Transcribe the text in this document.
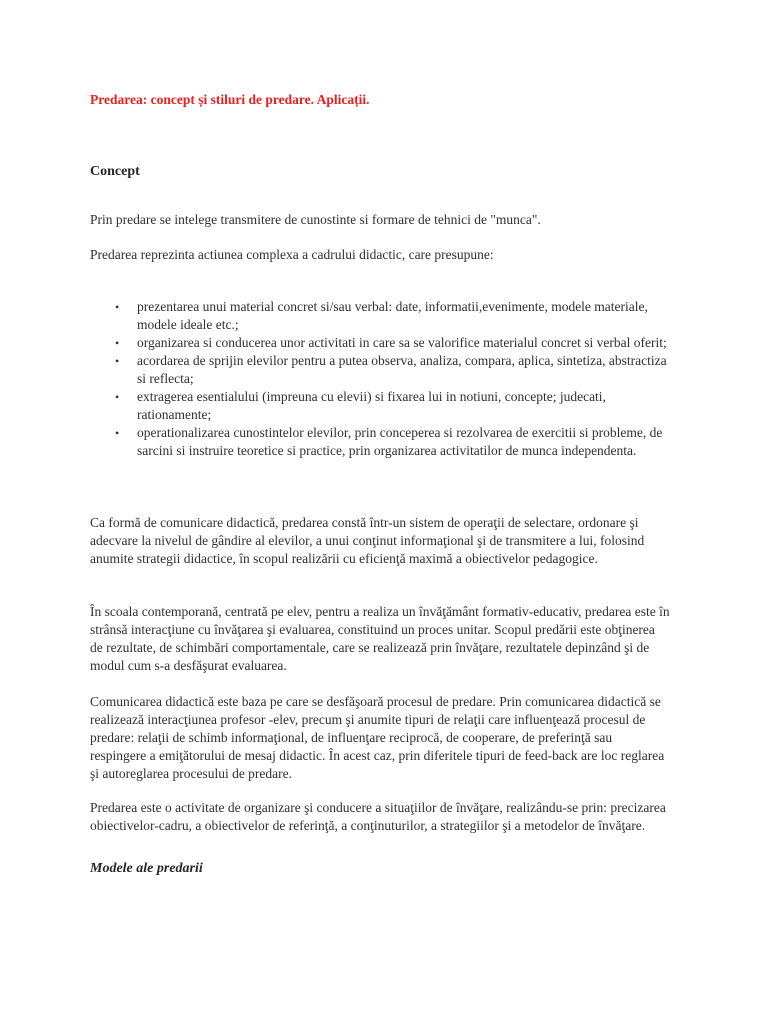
Predarea: concept și stiluri de predare. Aplicații.
Concept

Prin predare se intelege transmitere de cunostinte si formare de tehnici de "munca".

Predarea reprezinta actiunea complexa a cadrului didactic, care presupune:

• prezentarea unui material concret si/sau verbal: date, informatii,evenimente, modele materiale, modele ideale etc.;
• organizarea si conducerea unor activitati in care sa se valorifice materialul concret si verbal oferit;
• acordarea de sprijin elevilor pentru a putea observa, analiza, compara, aplica, sintetiza, abstractiza si reflecta;
• extragerea esentialului (impreuna cu elevii) si fixarea lui in notiuni, concepte; judecati, rationamente;
• operationalizarea cunostintelor elevilor, prin conceperea si rezolvarea de exercitii si probleme, de sarcini si instruire teoretice si practice, prin organizarea activitatilor de munca independenta.

Ca formă de comunicare didactică, predarea constă într-un sistem de operaţii de selectare, ordonare şi adecvare la nivelul de gândire al elevilor, a unui conţinut informaţional şi de transmitere a lui, folosind anumite strategii didactice, în scopul realizării cu eficienţă maximă a obiectivelor pedagogice.

În scoala contemporană, centrată pe elev, pentru a realiza un învăţământ formativ-educativ, predarea este în strânsă interacţiune cu învăţarea şi evaluarea, constituind un proces unitar. Scopul predării este obţinerea de rezultate, de schimbări comportamentale, care se realizează prin învăţare, rezultatele depinzând şi de modul cum s-a desfăşurat evaluarea.

Comunicarea didactică este baza pe care se desfăşoară procesul de predare. Prin comunicarea didactică se realizează interacţiunea profesor -elev, precum şi anumite tipuri de relaţii care influenţează procesul de predare: relaţii de schimb informaţional, de influenţare reciprocă, de cooperare, de preferinţă sau respingere a emiţătorului de mesaj didactic. În acest caz, prin diferitele tipuri de feed-back are loc reglarea şi autoreglarea procesului de predare.

Predarea este o activitate de organizare şi conducere a situaţiilor de învăţare, realizându-se prin: precizarea obiectivelor-cadru, a obiectivelor de referinţă, a conţinuturilor, a strategiilor şi a metodelor de învăţare.

Modele ale predarii
